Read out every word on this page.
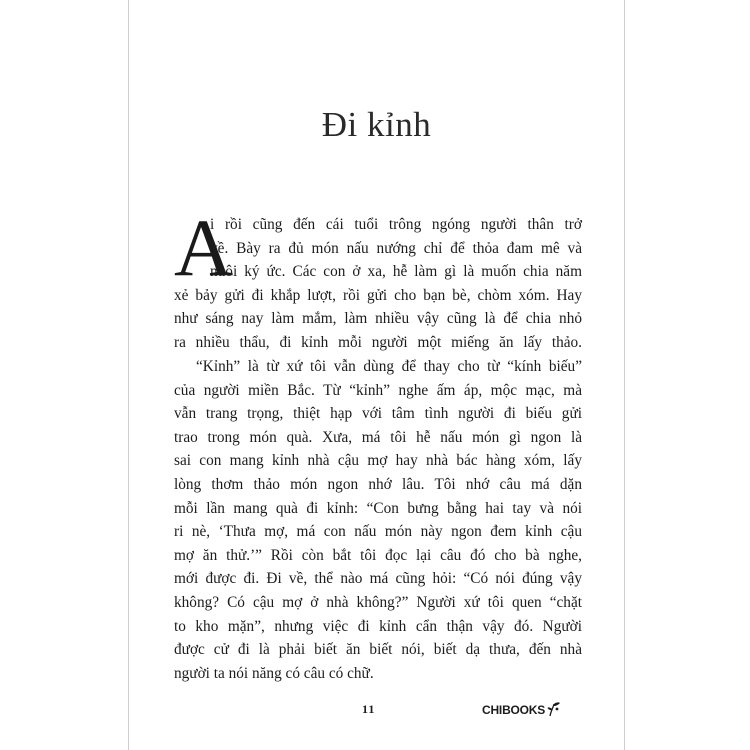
Đi kỉnh
A
i rồi cũng đến cái tuổi trông ngóng người thân trở
về. Bày ra đủ món nấu nướng chỉ để thỏa đam mê và
nuôi ký ức. Các con ở xa, hễ làm gì là muốn chia năm
xẻ bảy gửi đi khắp lượt, rồi gửi cho bạn bè, chòm xóm. Hay
như sáng nay làm mắm, làm nhiều vậy cũng là để chia nhỏ
ra nhiều thẩu, đi kỉnh mỗi người một miếng ăn lấy thảo.
“Kỉnh” là từ xứ tôi vẫn dùng để thay cho từ “kính biếu”
của người miền Bắc. Từ “kỉnh” nghe ấm áp, mộc mạc, mà
vẫn trang trọng, thiệt hạp với tâm tình người đi biếu gửi
trao trong món quà. Xưa, má tôi hễ nấu món gì ngon là
sai con mang kỉnh nhà cậu mợ hay nhà bác hàng xóm, lấy
lòng thơm thảo món ngon nhớ lâu. Tôi nhớ câu má dặn
mỗi lần mang quà đi kỉnh: “Con bưng bằng hai tay và nói
ri nè, ‘Thưa mợ, má con nấu món này ngon đem kỉnh cậu
mợ ăn thử.’” Rồi còn bắt tôi đọc lại câu đó cho bà nghe,
mới được đi. Đi về, thể nào má cũng hỏi: “Có nói đúng vậy
không? Có cậu mợ ở nhà không?” Người xứ tôi quen “chặt
to kho mặn”, nhưng việc đi kỉnh cẩn thận vậy đó. Người
được cử đi là phải biết ăn biết nói, biết dạ thưa, đến nhà
người ta nói năng có câu có chữ.
11	CHIBOOKS
